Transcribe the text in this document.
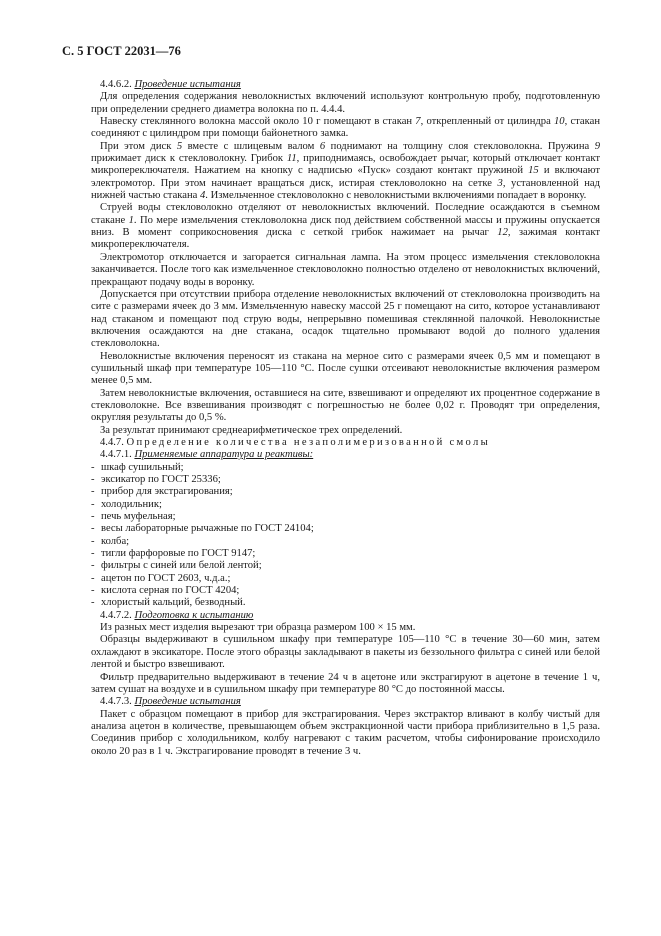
С. 5 ГОСТ 22031—76

4.4.6.2. Проведение испытания

Для определения содержания неволокнистых включений используют контрольную пробу, подготовленную при определении среднего диаметра волокна по п. 4.4.4.

Навеску стеклянного волокна массой около 10 г помещают в стакан 7, открепленный от цилиндра 10, стакан соединяют с цилиндром при помощи байонетного замка.

При этом диск 5 вместе с шлицевым валом 6 поднимают на толщину слоя стекловолокна. Пружина 9 прижимает диск к стекловолокну. Грибок 11, приподнимаясь, освобождает рычаг, который отключает контакт микропереключателя. Нажатием на кнопку с надписью «Пуск» создают контакт пружиной 15 и включают электромотор. При этом начинает вращаться диск, истирая стекловолокно на сетке 3, установленной над нижней частью стакана 4. Измельченное стекловолокно с неволокнистыми включениями попадает в воронку.

Струей воды стекловолокно отделяют от неволокнистых включений. Последние осаждаются в съемном стакане 1. По мере измельчения стекловолокна диск под действием собственной массы и пружины опускается вниз. В момент соприкосновения диска с сеткой грибок нажимает на рычаг 12, зажимая контакт микропереключателя.

Электромотор отключается и загорается сигнальная лампа. На этом процесс измельчения стекловолокна заканчивается. После того как измельченное стекловолокно полностью отделено от неволокнистых включений, прекращают подачу воды в воронку.

Допускается при отсутствии прибора отделение неволокнистых включений от стекловолокна производить на сите с размерами ячеек до 3 мм. Измельченную навеску массой 25 г помещают на сито, которое устанавливают над стаканом и помещают под струю воды, непрерывно помешивая стеклянной палочкой. Неволокнистые включения осаждаются на дне стакана, осадок тщательно промывают водой до полного удаления стекловолокна.

Неволокнистые включения переносят из стакана на мерное сито с размерами ячеек 0,5 мм и помещают в сушильный шкаф при температуре 105—110 °С. После сушки отсеивают неволокнистые включения размером менее 0,5 мм.

Затем неволокнистые включения, оставшиеся на сите, взвешивают и определяют их процентное содержание в стекловолокне. Все взвешивания производят с погрешностью не более 0,02 г. Проводят три определения, округляя результаты до 0,5 %.

За результат принимают среднеарифметическое трех определений.

4.4.7. Определение количества незаполимеризованной смолы

4.4.7.1. Применяемые аппаратура и реактивы:

- шкаф сушильный;

- эксикатор по ГОСТ 25336;

- прибор для экстрагирования;

- холодильник;

- печь муфельная;

- весы лабораторные рычажные по ГОСТ 24104;

- колба;

- тигли фарфоровые по ГОСТ 9147;

- фильтры с синей или белой лентой;

- ацетон по ГОСТ 2603, ч.д.а.;

- кислота серная по ГОСТ 4204;

- хлористый кальций, безводный.

4.4.7.2. Подготовка к испытанию

Из разных мест изделия вырезают три образца размером 100 × 15 мм.

Образцы выдерживают в сушильном шкафу при температуре 105—110 °С в течение 30—60 мин, затем охлаждают в эксикаторе. После этого образцы закладывают в пакеты из беззольного фильтра с синей или белой лентой и быстро взвешивают.

Фильтр предварительно выдерживают в течение 24 ч в ацетоне или экстрагируют в ацетоне в течение 1 ч, затем сушат на воздухе и в сушильном шкафу при температуре 80 °С до постоянной массы.

4.4.7.3. Проведение испытания

Пакет с образцом помещают в прибор для экстрагирования. Через экстрактор вливают в колбу чистый для анализа ацетон в количестве, превышающем объем экстракционной части прибора приблизительно в 1,5 раза. Соединив прибор с холодильником, колбу нагревают с таким расчетом, чтобы сифонирование происходило около 20 раз в 1 ч. Экстрагирование проводят в течение 3 ч.
